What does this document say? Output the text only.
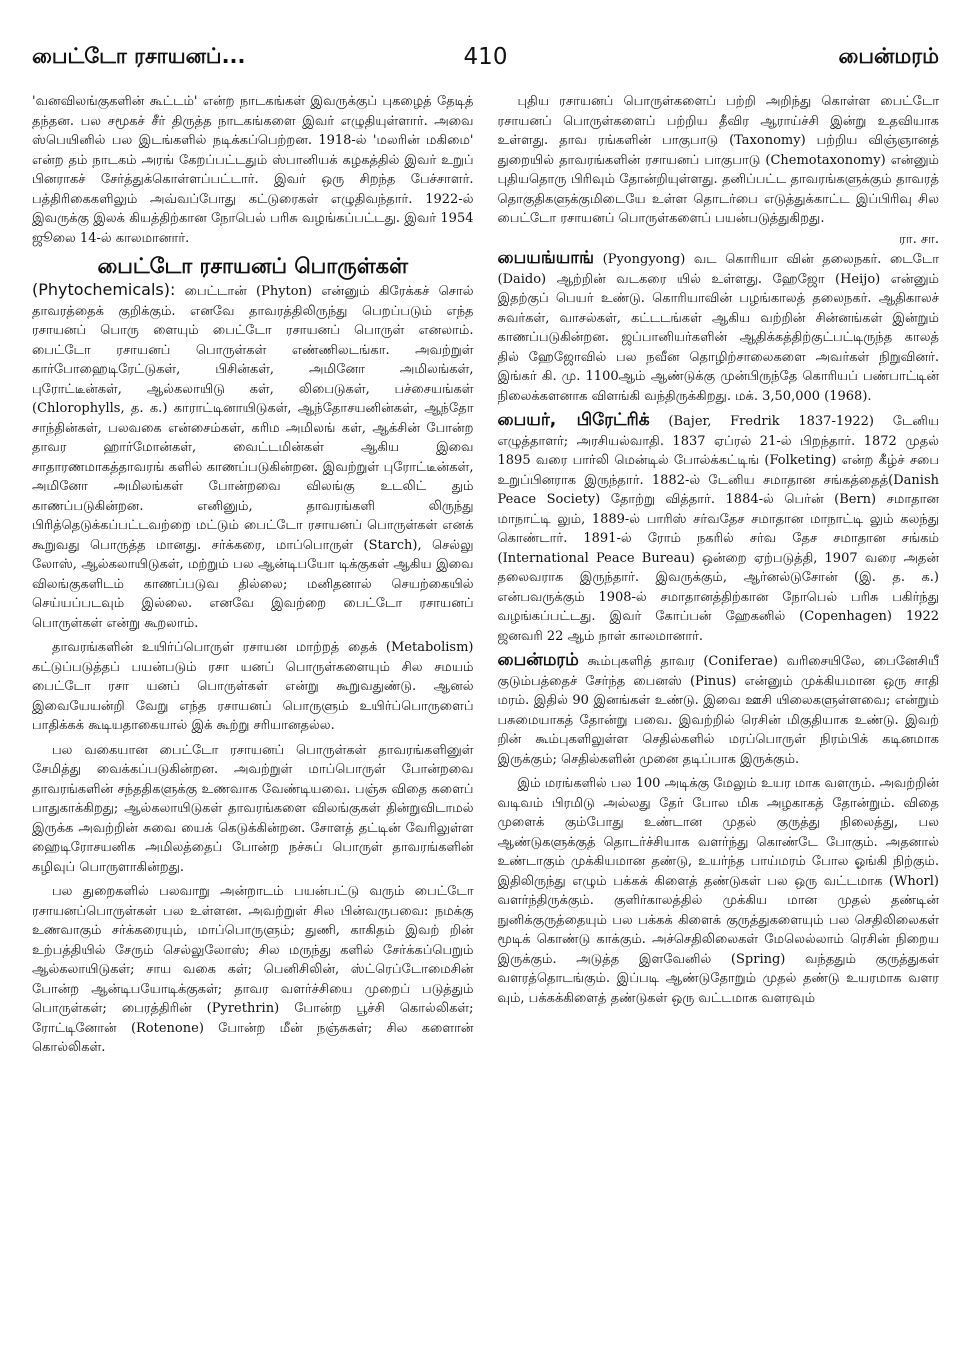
பைட்டோ ரசாயனப்...	410	பைன்மரம்

'வனவிலங்குகளின் கூட்டம்' என்ற நாடகங்கள் இவருக்குப் புகழைத் தேடித் தந்தன. பல சமூகச் சீர் திருத்த நாடகங்களை இவர் எழுதியுள்ளார். அவை ஸ்பெயினில் பல இடங்களில் நடிக்கப்பெற்றன. 1918-ல் 'மலரின் மகிமை' என்ற தம் நாடகம் அரங் கேறப்பட்டதும் ஸ்பானியக் கழகத்தில் இவர் உறுப் பினராகச் சேர்த்துக்கொள்ளப்பட்டார். இவர் ஒரு சிறந்த பேச்சாளர். பத்திரிகைகளிலும் அவ்வப்போது கட்டுரைகள் எழுதிவந்தார். 1922-ல் இவருக்கு இலக் கியத்திற்கான நோபெல் பரிசு வழங்கப்பட்டது. இவர் 1954 ஜூலை 14-ல் காலமானார்.

பைட்டோ ரசாயனப் பொருள்கள்

(Phytochemicals): பைட்டான் (Phyton) என்னும் கிரேக்கச் சொல் தாவரத்தைக் குறிக்கும். எனவே தாவரத்திலிருந்து பெறப்படும் எந்த ரசாயனப் பொரு ளையும் பைட்டோ ரசாயனப் பொருள் எனலாம். பைட்டோ ரசாயனப் பொருள்கள் எண்ணிலடங்கா. அவற்றுள் கார்போஹைடிரேட்டுகள், பிசின்கள், அமினோ அமிலங்கள், புரோட்டீன்கள், ஆல்கலாயிடு கள், லிபைடுகள், பச்சையங்கள் (Chlorophylls, த. க.) காராட்டினாயிடுகள், ஆந்தோசயனின்கள், ஆந்தோ சாந்தின்கள், பலவகை என்சைம்கள், கரிம அமிலங் கள், ஆக்சின் போன்ற தாவர ஹார்மோன்கள், வைட்டமின்கள் ஆகிய இவை சாதாரணமாகத்தாவரங் களில் காணப்படுகின்றன. இவற்றுள் புரோட்டீன்கள், அமினோ அமிலங்கள் போன்றவை விலங்கு உடலிட் தும் காணப்படுகின்றன. எனினும், தாவரங்களி லிருந்து பிரித்தெடுக்கப்பட்டவற்றை மட்டும் பைட்டோ ரசாயனப் பொருள்கள் எனக் கூறுவது பொருத்த மானது. சர்க்கரை, மாப்பொருள் (Starch), செல்லு லோஸ், ஆல்கலாயிடுகள், மற்றும் பல ஆன்டிபயோ டிக்குகள் ஆகிய இவை விலங்குகளிடம் காணப்படுவ தில்லை; மனிதனால் செயற்கையில் செய்யப்படவும் இல்லை. எனவே இவற்றை பைட்டோ ரசாயனப் பொருள்கள் என்று கூறலாம்.

தாவரங்களின் உயிர்ப்பொருள் ரசாயன மாற்றத் தைக் (Metabolism) கட்டுப்படுத்தப் பயன்படும் ரசா யனப் பொருள்களையும் சில சமயம் பைட்டோ ரசா யனப் பொருள்கள் என்று கூறுவதுண்டு. ஆனல் இவையேயன்றி வேறு எந்த ரசாயனப் பொருளும் உயிர்ப்பொருளைப் பாதிக்கக் கூடியதாகையால் இக் கூற்று சரியானதல்ல.

பல வகையான பைட்டோ ரசாயனப் பொருள்கள் தாவரங்களினுள் சேமித்து வைக்கப்படுகின்றன. அவற்றுள் மாப்பொருள் போன்றவை தாவரங்களின் சந்ததிகளுக்கு உணவாக வேண்டியவை. பஞ்சு விதை களைப் பாதுகாக்கிறது; ஆல்கலாயிடுகள் தாவரங்களை விலங்குகள் தின்றுவிடாமல் இருக்க அவற்றின் சுவை யைக் கெடுக்கின்றன. சோளத் தட்டின் வேரிலுள்ள ஹைடிரோசயனிக அமிலத்தைப் போன்ற நச்சுப் பொருள் தாவரங்களின் கழிவுப் பொருளாகின்றது.

பல துறைகளில் பலவாறு அன்றாடம் பயன்பட்டு வரும் பைட்டோ ரசாயனப்பொருள்கள் பல உள்ளன. அவற்றுள் சில பின்வருபவை: நமக்கு உணவாகும் சர்க்கரையும், மாப்பொருளும்; துணி, காகிதம் இவற் றின் உற்பத்தியில் சேரும் செல்லுலோஸ்; சில மருந்து களில் சேர்க்கப்பெறும் ஆல்கலாயிடுகள்; சாய வகை கள்; பெனிசிலின், ஸ்ட்ரெப்டோமைசின் போன்ற ஆன்டிபயோடிக்குகள்; தாவர வளர்ச்சியை முறைப் படுத்தும் பொருள்கள்; பைரத்திரின் (Pyrethrin) போன்ற பூச்சி கொல்லிகள்; ரோட்டினோன் (Rotenone) போன்ற மீன் நஞ்சுகள்; சில களைான் கொல்லிகள்.

புதிய ரசாயனப் பொருள்களைப் பற்றி அறிந்து கொள்ள பைட்டோ ரசாயனப் பொருள்களைப் பற்றிய தீவிர ஆராய்ச்சி இன்று உதவியாக உள்ளது. தாவ ரங்களின் பாகுபாடு (Taxonomy) பற்றிய விஞ்ஞானத் துறையில் தாவரங்களின் ரசாயனப் பாகுபாடு (Chemotaxonomy) என்னும் புதியதொரு பிரிவும் தோன்றியுள்ளது. தனிப்பட்ட தாவரங்களுக்கும் தாவரத் தொகுதிகளுக்குமிடையே உள்ள தொடர்பை எடுத்துக்காட்ட இப்பிரிவு சில பைட்டோ ரசாயனப் பொருள்களைப் பயன்படுத்துகிறது.

ரா. சா.

பையங்யாங் (Pyongyong) வட கொரியா வின் தலைநகர். டைடோ (Daido) ஆற்றின் வடகரை யில் உள்ளது. ஹேஜோ (Heijo) என்னும் இதற்குப் பெயர் உண்டு. கொரியாவின் பழங்காலத் தலைநகர். ஆதிகாலச் சுவர்கள், வாசல்கள், கட்டடங்கள் ஆகிய வற்றின் சின்னங்கள் இன்றும் காணப்படுகின்றன. ஜப்பானியர்களின் ஆதிக்கத்திற்குட்பட்டிருந்த காலத் தில் ஹேஜோவில் பல நவீன தொழிற்சாலைகளை அவர்கள் நிறுவினர். இங்கர் கி. மு. 1100ஆம் ஆண்டுக்கு முன்பிருந்தே கொரியப் பண்பாட்டின் நிலைக்களனாக விளங்கி வந்திருக்கிறது. மக். 3,50,000 (1968).

பையர், பிரேட்ரிக் (Bajer, Fredrik 1837-1922) டேனிய எழுத்தாளர்; அரசியல்வாதி. 1837 ஏப்ரல் 21-ல் பிறந்தார். 1872 முதல் 1895 வரை பார்லி மென்டில் போல்க்கட்டிங் (Folketing) என்ற கீழ்ச் சபை உறுப்பினராக இருந்தார். 1882-ல் டேனிய சமாதான சங்கத்தைத்(Danish Peace Society) தோற்று வித்தார். 1884-ல் பெர்ன் (Bern) சமாதான மாநாட்டி லும், 1889-ல் பாரிஸ் சர்வதேச சமாதான மாநாட்டி லும் கலந்து கொண்டார். 1891-ல் ரோம் நகரில் சர்வ தேச சமாதான சங்கம் (International Peace Bureau) ஒன்றை ஏற்படுத்தி, 1907 வரை அதன் தலைவராக இருந்தார். இவருக்கும், ஆர்னல்டுசோன் (இ. த. க.) என்பவருக்கும் 1908-ல் சமாதானத்திற்கான நோபெல் பரிசு பகிர்ந்து வழங்கப்பட்டது. இவர் கோப்பன் ஹேகனில் (Copenhagen) 1922 ஜனவரி 22 ஆம் நாள் காலமானார்.

பைன்மரம் கூம்புகளித் தாவர (Coniferae) வரிசையிலே, பைனேசியீ குடும்பத்தைச் சேர்ந்த பைனஸ் (Pinus) என்னும் முக்கியமான ஒரு சாதி மரம். இதில் 90 இனங்கள் உண்டு. இவை ஊசி யிலைகளுள்ளவை; என்றும் பசுமையாகத் தோன்று பவை. இவற்றில் ரெசின் மிகுதியாக உண்டு. இவற் றின் கூம்புகளிலுள்ள செதில்களில் மரப்பொருள் நிரம்பிக் கடினமாக இருக்கும்; செதில்களின் முனை தடிப்பாக இருக்கும்.

இம் மரங்களில் பல 100 அடிக்கு மேலும் உயர மாக வளரும். அவற்றின் வடிவம் பிரமிடு அல்லது தேர் போல மிக அழகாகத் தோன்றும். விதை முளைக் கும்போது உண்டான முதல் குருத்து நிலைத்து, பல ஆண்டுகளுக்குத் தொடர்ச்சியாக வளர்ந்து கொண்டே போகும். அதனால் உண்டாகும் முக்கியமான தண்டு, உயர்ந்த பாய்மரம் போல ஓங்கி நிற்கும். இதிலிருந்து எழும் பக்கக் கிளைத் தண்டுகள் பல ஒரு வட்டமாக (Whorl) வளர்ந்திருக்கும். குளிர்காலத்தில் முக்கிய மான முதல் தண்டின் நுனிக்குருத்தையும் பல பக்கக் கிளைக் குருத்துகளையும் பல செதிலிலைகள் மூடிக் கொண்டு காக்கும். அச்செதிலிலைகள் மேலெல்லாம் ரெசின் நிறைய இருக்கும். அடுத்த இளவேனில் (Spring) வந்ததும் குருத்துகள் வளரத்தொடங்கும். இப்படி ஆண்டுதோறும் முதல் தண்டு உயரமாக வளர வும், பக்கக்கிளைத் தண்டுகள் ஒரு வட்டமாக வளரவும்
